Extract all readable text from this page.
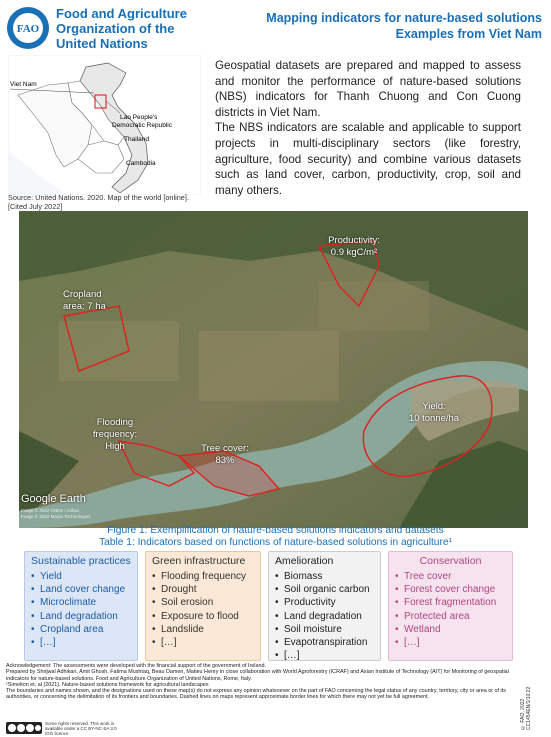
FAO
Food and Agriculture
Organization of the
United Nations
Mapping indicators for nature-based solutions
Examples from Viet Nam
Viet Nam
Lao People's
Democratic Republic
Thailand
Cambodia
Source: United Nations. 2020. Map of the world [online]. [Cited July 2022]

Geospatial datasets are prepared and mapped to assess and monitor the performance of nature-based solutions (NBS) indicators for Thanh Chuong and Con Cuong districts in Viet Nam.

The NBS indicators are scalable and applicable to support projects in multi-disciplinary sectors (like forestry, agriculture, food security) and combine various datasets such as land cover, carbon, productivity, crop, soil and many others.

Productivity:
0.9 kgC/m²
Cropland
area: 7 ha
Yield:
10 tonne/ha
Flooding
frequency:
High	Tree cover:
83%
Google Earth
Image © 2022 CNES / Airbus
Image © 2022 Maxar Technologies
Figure 1: Exemplification of nature-based solutions indicators and datasets
Table 1: Indicators based on functions of nature-based solutions in agriculture¹
Sustainable practices
• Yield
• Land cover change
• Microclimate
• Land degradation
• Cropland area
• […]
Green infrastructure
• Flooding frequency
• Drought
• Soil erosion
• Exposure to flood
• Landslide
• […]
Amelioration
• Biomass
• Soil organic carbon
• Productivity
• Land degradation
• Soil moisture
• Evapotranspiration
• […]
Conservation
• Tree cover
• Forest cover change
• Forest fragmentation
• Protected area
• Wetland
• […]
Acknowledgement: The assessments were developed with the financial support of the government of Ireland.
Prepared by Shrijwal Adhikari, Amit Ghosh, Fatima Mushtaq, Beau Damen, Matieu Henry in close collaboration with World Agroforestry (ICRAF) and Asian Institute of Technology (AIT) for Monitoring of geospatial indicators for nature-based solutions. Food and Agriculture Organization of United Nations, Rome, Italy.
¹Simelton et. al (2021). Nature-based solutions framework for agricultural landscapes
The boundaries and names shown, and the designations used on these map(s) do not express any opinion whatsoever on the part of FAO concerning the legal status of any country, territory, city or area or of its authorities, or concerning the delimitation of its frontiers and boundaries. Dashed lines on maps represent approximate border lines for which there may not yet be full agreement.
Some rights reserved. This work is available under a CC BY-NC-SA 3.0 IGO licence
© FAO, 2022 CC1454EN/1/10.22
